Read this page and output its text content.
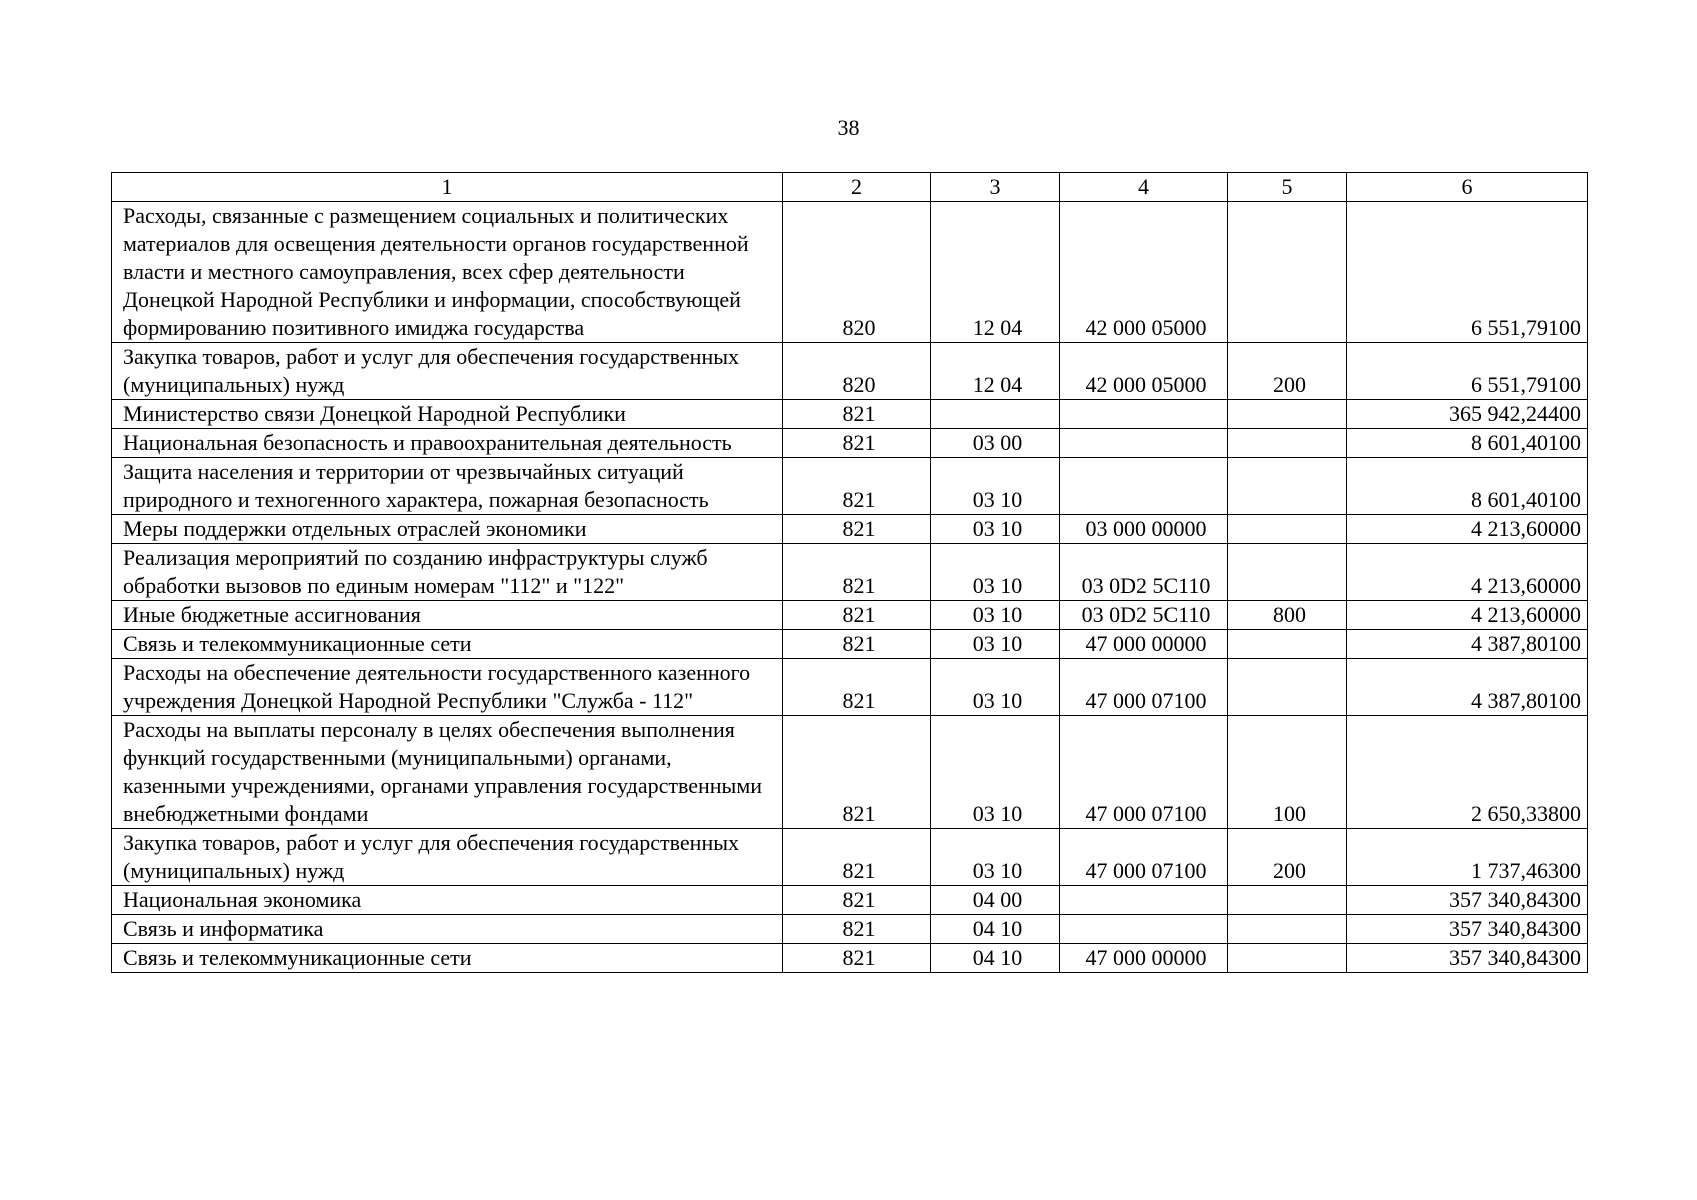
38
1	2	3	4	5	6
Расходы, связанные с размещением социальных и политических материалов для освещения деятельности органов государственной власти и местного самоуправления, всех сфер деятельности Донецкой Народной Республики и информации, способствующей формированию позитивного имиджа государства	820	12 04	42 000 05000		6 551,79100
Закупка товаров, работ и услуг для обеспечения государственных (муниципальных) нужд	820	12 04	42 000 05000	200	6 551,79100
Министерство связи Донецкой Народной Республики	821				365 942,24400
Национальная безопасность и правоохранительная деятельность	821	03 00			8 601,40100
Защита населения и территории от чрезвычайных ситуаций природного и техногенного характера, пожарная безопасность	821	03 10			8 601,40100
Меры поддержки отдельных отраслей экономики	821	03 10	03 000 00000		4 213,60000
Реализация мероприятий по созданию инфраструктуры служб обработки вызовов по единым номерам "112" и "122"	821	03 10	03 0D2 5C110		4 213,60000
Иные бюджетные ассигнования	821	03 10	03 0D2 5C110	800	4 213,60000
Связь и телекоммуникационные сети	821	03 10	47 000 00000		4 387,80100
Расходы на обеспечение деятельности государственного казенного учреждения Донецкой Народной Республики "Служба - 112"	821	03 10	47 000 07100		4 387,80100
Расходы на выплаты персоналу в целях обеспечения выполнения функций государственными (муниципальными) органами, казенными учреждениями, органами управления государственными внебюджетными фондами	821	03 10	47 000 07100	100	2 650,33800
Закупка товаров, работ и услуг для обеспечения государственных (муниципальных) нужд	821	03 10	47 000 07100	200	1 737,46300
Национальная экономика	821	04 00			357 340,84300
Связь и информатика	821	04 10			357 340,84300
Связь и телекоммуникационные сети	821	04 10	47 000 00000		357 340,84300
